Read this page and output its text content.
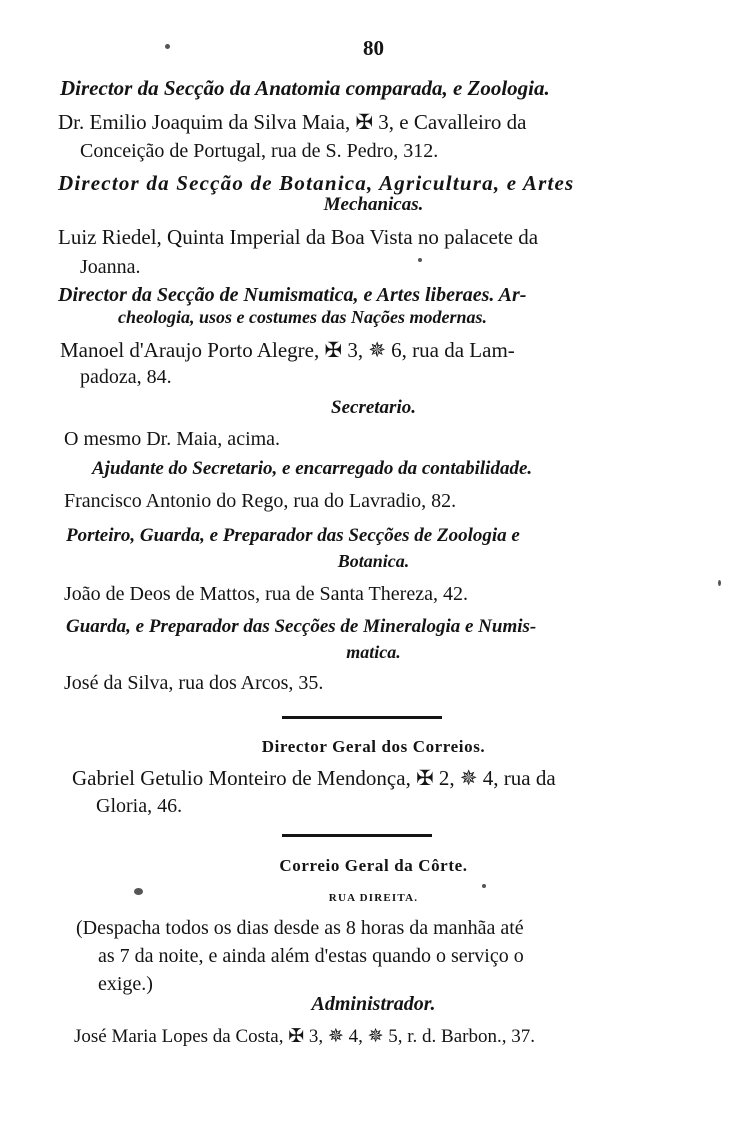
80
Director da Secção da Anatomia comparada, e Zoologia.
Dr. Emilio Joaquim da Silva Maia, ✠ 3, e Cavalleiro da
Conceição de Portugal, rua de S. Pedro, 312.
Director da Secção de Botanica, Agricultura, e Artes
Mechanicas.
Luiz Riedel, Quinta Imperial da Boa Vista no palacete da
Joanna.
Director da Secção de Numismatica, e Artes liberaes. Ar-
cheologia, usos e costumes das Nações modernas.
Manoel d'Araujo Porto Alegre, ✠ 3, ✵ 6, rua da Lam-
padoza, 84.
Secretario.
O mesmo Dr. Maia, acima.
Ajudante do Secretario, e encarregado da contabilidade.
Francisco Antonio do Rego, rua do Lavradio, 82.
Porteiro, Guarda, e Preparador das Secções de Zoologia e
Botanica.
João de Deos de Mattos, rua de Santa Thereza, 42.
Guarda, e Preparador das Secções de Mineralogia e Numis-
matica.
José da Silva, rua dos Arcos, 35.
Director Geral dos Correios.
Gabriel Getulio Monteiro de Mendonça, ✠ 2, ✵ 4, rua da
Gloria, 46.
Correio Geral da Côrte.
RUA DIREITA.
(Despacha todos os dias desde as 8 horas da manhãa até
as 7 da noite, e ainda além d'estas quando o serviço o
exige.)
Administrador.
José Maria Lopes da Costa, ✠ 3, ✵ 4, ✵ 5, r. d. Barbon., 37.
